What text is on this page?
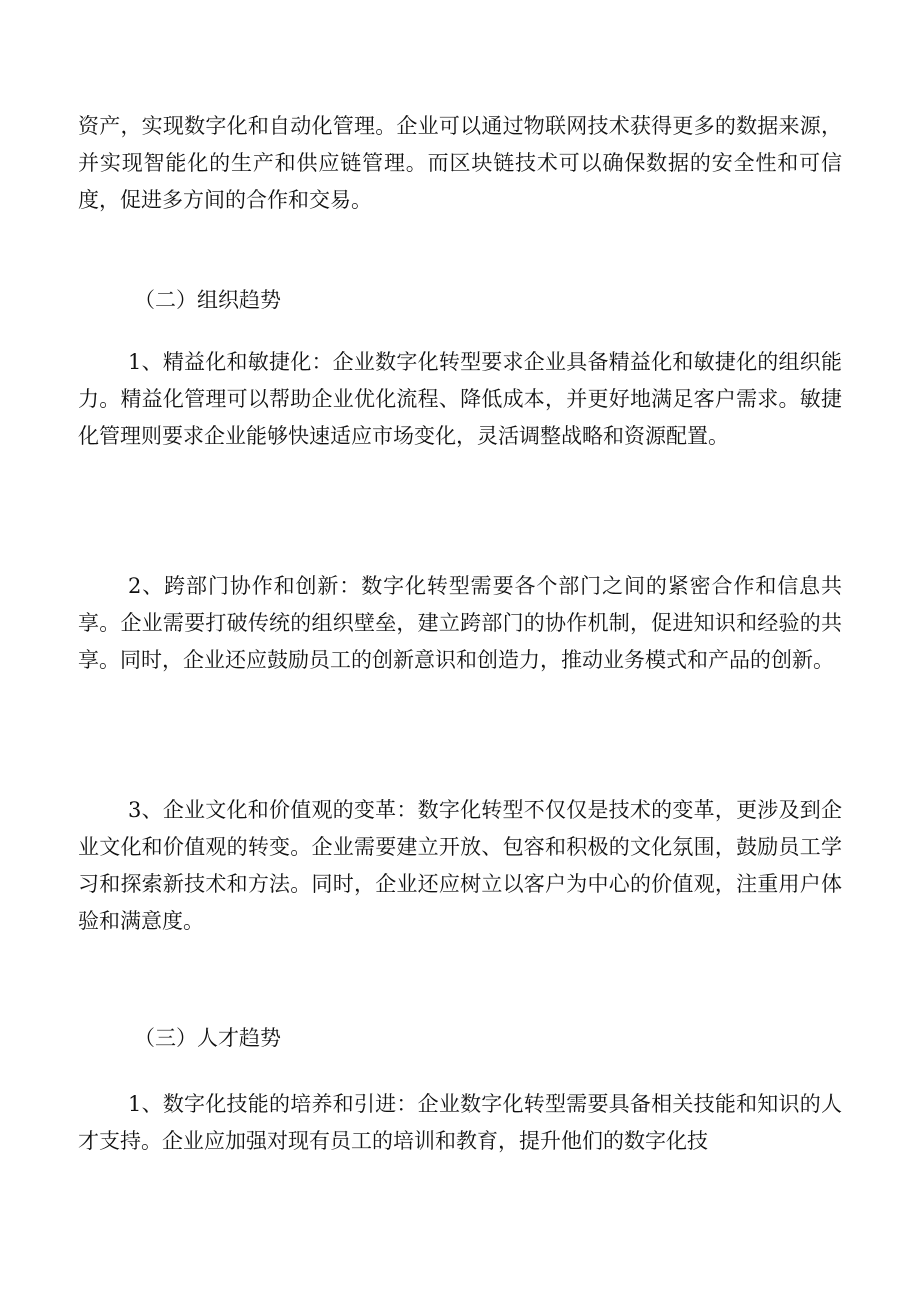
资产，实现数字化和自动化管理。企业可以通过物联网技术获得更多的数据来源，并实现智能化的生产和供应链管理。而区块链技术可以确保数据的安全性和可信度，促进多方间的合作和交易。
（二）组织趋势
1、精益化和敏捷化：企业数字化转型要求企业具备精益化和敏捷化的组织能力。精益化管理可以帮助企业优化流程、降低成本，并更好地满足客户需求。敏捷化管理则要求企业能够快速适应市场变化，灵活调整战略和资源配置。
2、跨部门协作和创新：数字化转型需要各个部门之间的紧密合作和信息共享。企业需要打破传统的组织壁垒，建立跨部门的协作机制，促进知识和经验的共享。同时，企业还应鼓励员工的创新意识和创造力，推动业务模式和产品的创新。
3、企业文化和价值观的变革：数字化转型不仅仅是技术的变革，更涉及到企业文化和价值观的转变。企业需要建立开放、包容和积极的文化氛围，鼓励员工学习和探索新技术和方法。同时，企业还应树立以客户为中心的价值观，注重用户体验和满意度。
（三）人才趋势
1、数字化技能的培养和引进：企业数字化转型需要具备相关技能和知识的人才支持。企业应加强对现有员工的培训和教育，提升他们的数字化技
